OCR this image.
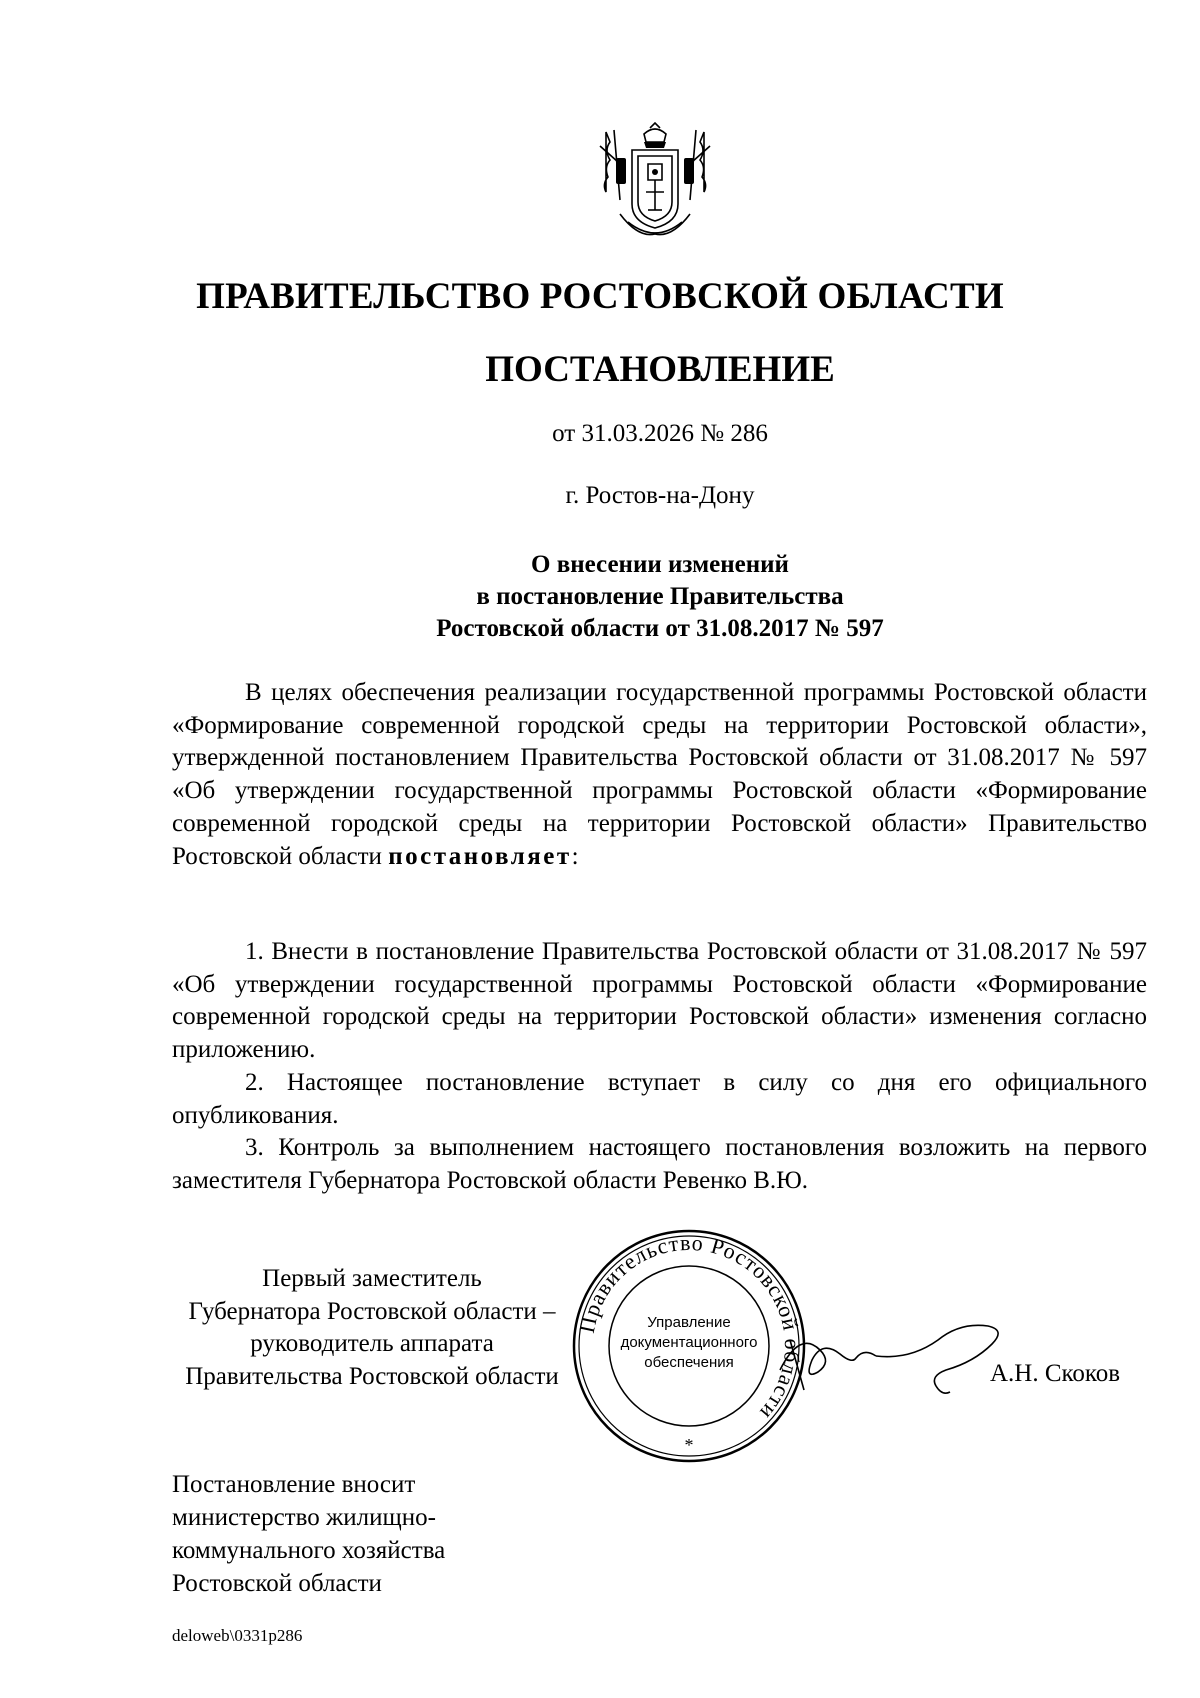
ПРАВИТЕЛЬСТВО РОСТОВСКОЙ ОБЛАСТИ
ПОСТАНОВЛЕНИЕ
от 31.03.2026 № 286
г. Ростов-на-Дону
О внесении изменений
в постановление Правительства
Ростовской области от 31.08.2017 № 597

В целях обеспечения реализации государственной программы Ростовской области «Формирование современной городской среды на территории Ростовской области», утвержденной постановлением Правительства Ростовской области от 31.08.2017 № 597 «Об утверждении государственной программы Ростовской области «Формирование современной городской среды на территории Ростовской области» Правительство Ростовской области постановляет:

1. Внести в постановление Правительства Ростовской области от 31.08.2017 № 597 «Об утверждении государственной программы Ростовской области «Формирование современной городской среды на территории Ростовской области» изменения согласно приложению.

2. Настоящее постановление вступает в силу со дня его официального опубликования.

3. Контроль за выполнением настоящего постановления возложить на первого заместителя Губернатора Ростовской области Ревенко В.Ю.

Первый заместитель
Губернатора Ростовской области –
руководитель аппарата
Правительства Ростовской области
Правительство Ростовской области
Управление
документационного
обеспечения
*
А.Н. Скоков
Постановление вносит
министерство жилищно-
коммунального хозяйства
Ростовской области
deloweb\0331p286
